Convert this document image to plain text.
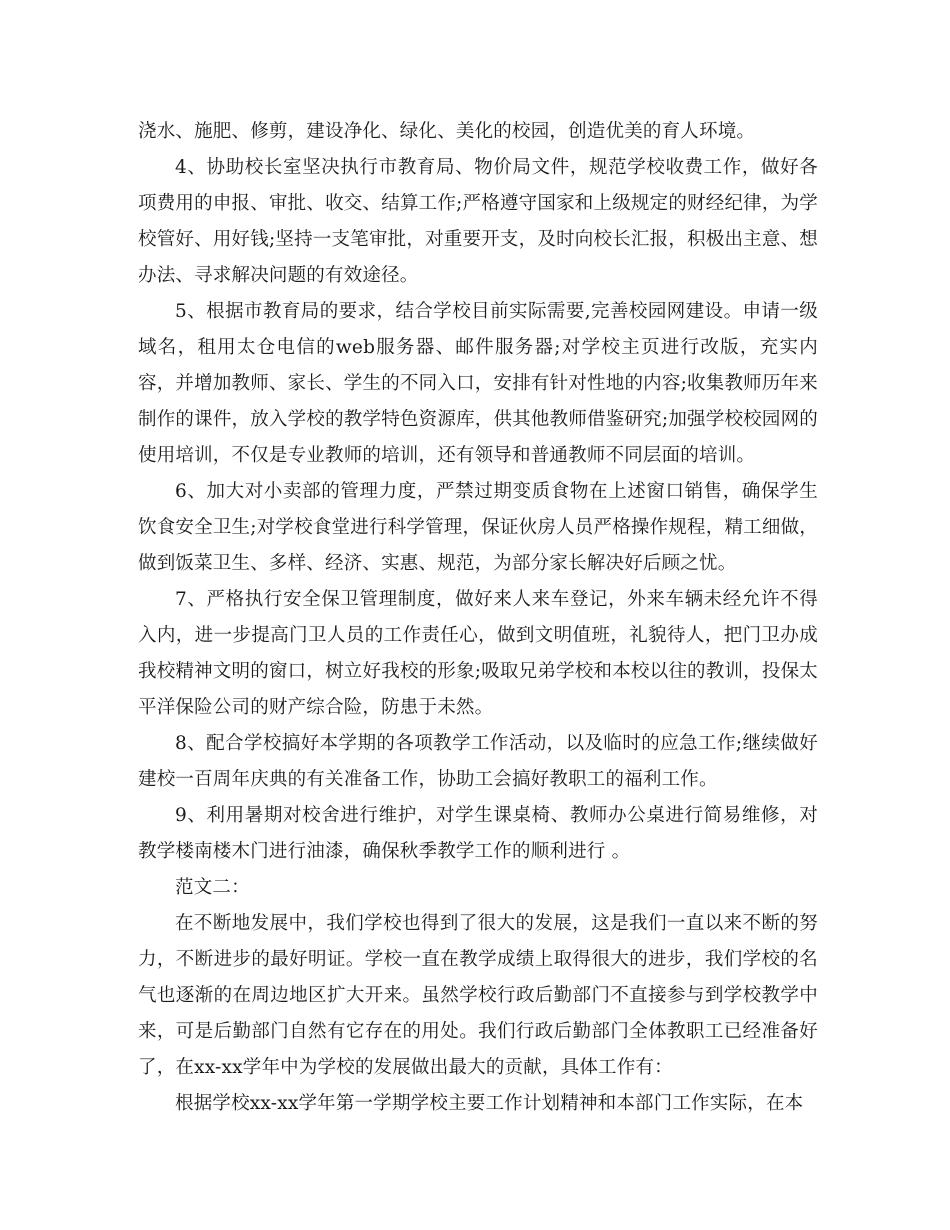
浇水、施肥、修剪，建设净化、绿化、美化的校园，创造优美的育人环境。

4、协助校长室坚决执行市教育局、物价局文件，规范学校收费工作，做好各项费用的申报、审批、收交、结算工作;严格遵守国家和上级规定的财经纪律，为学校管好、用好钱;坚持一支笔审批，对重要开支，及时向校长汇报，积极出主意、想办法、寻求解决问题的有效途径。

5、根据市教育局的要求，结合学校目前实际需要,完善校园网建设。申请一级域名，租用太仓电信的web服务器、邮件服务器;对学校主页进行改版，充实内容，并增加教师、家长、学生的不同入口，安排有针对性地的内容;收集教师历年来制作的课件，放入学校的教学特色资源库，供其他教师借鉴研究;加强学校校园网的使用培训，不仅是专业教师的培训，还有领导和普通教师不同层面的培训。

6、加大对小卖部的管理力度，严禁过期变质食物在上述窗口销售，确保学生饮食安全卫生;对学校食堂进行科学管理，保证伙房人员严格操作规程，精工细做，做到饭菜卫生、多样、经济、实惠、规范，为部分家长解决好后顾之忧。

7、严格执行安全保卫管理制度，做好来人来车登记，外来车辆未经允许不得入内，进一步提高门卫人员的工作责任心，做到文明值班，礼貌待人，把门卫办成我校精神文明的窗口，树立好我校的形象;吸取兄弟学校和本校以往的教训，投保太平洋保险公司的财产综合险，防患于未然。

8、配合学校搞好本学期的各项教学工作活动，以及临时的应急工作;继续做好建校一百周年庆典的有关准备工作，协助工会搞好教职工的福利工作。

9、利用暑期对校舍进行维护，对学生课桌椅、教师办公桌进行简易维修，对教学楼南楼木门进行油漆，确保秋季教学工作的顺利进行 。

范文二：

在不断地发展中，我们学校也得到了很大的发展，这是我们一直以来不断的努力，不断进步的最好明证。学校一直在教学成绩上取得很大的进步，我们学校的名气也逐渐的在周边地区扩大开来。虽然学校行政后勤部门不直接参与到学校教学中来，可是后勤部门自然有它存在的用处。我们行政后勤部门全体教职工已经准备好了，在xx-xx学年中为学校的发展做出最大的贡献，具体工作有：

根据学校xx-xx学年第一学期学校主要工作计划精神和本部门工作实际，在本
